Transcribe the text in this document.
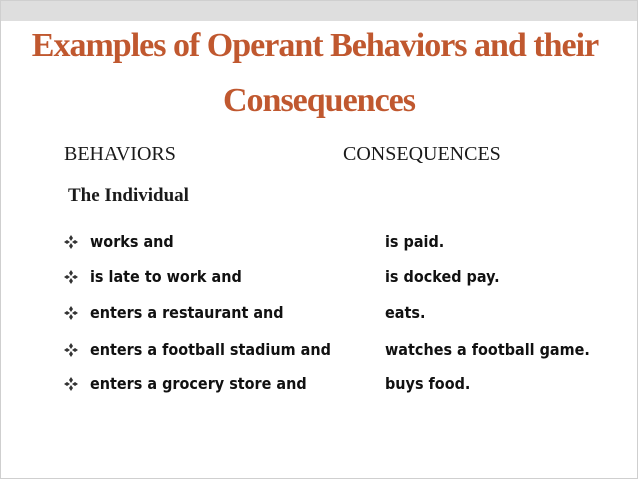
Examples of Operant Behaviors and their
Consequences
BEHAVIORS	CONSEQUENCES
The Individual
works and	is paid.
is late to work and	is docked pay.
enters a restaurant and	eats.
enters a football stadium and	watches a football game.
enters a grocery store and	buys food.
